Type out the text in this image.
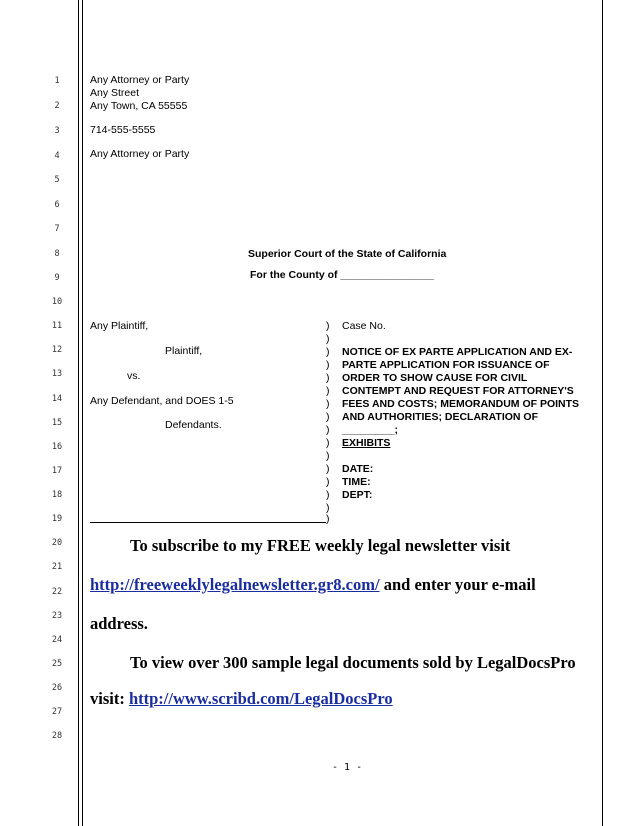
1
2
3
4
5
6
7
8
9
10
11
12
13
14
15
16
17
18
19
20
21
22
23
24
25
26
27
28
Any Attorney or Party
Any Street
Any Town, CA 55555
714-555-5555
Any Attorney or Party
Superior Court of the State of California
For the County of ________________
Any Plaintiff,
Plaintiff,
vs.
Any Defendant, and DOES 1-5
Defendants.
)
)
)
)
)
)
)
)
)
)
)
)
)
)
)
)
Case No.
NOTICE OF EX PARTE APPLICATION AND EX-
PARTE APPLICATION FOR ISSUANCE OF
ORDER TO SHOW CAUSE FOR CIVIL
CONTEMPT AND REQUEST FOR ATTORNEY'S
FEES AND COSTS; MEMORANDUM OF POINTS
AND AUTHORITIES; DECLARATION OF
_________;
EXHIBITS
DATE:
TIME:
DEPT:
To subscribe to my FREE weekly legal newsletter visit
http://freeweeklylegalnewsletter.gr8.com/ and enter your e-mail
address.
To view over 300 sample legal documents sold by LegalDocsPro
visit: http://www.scribd.com/LegalDocsPro
- 1 -
